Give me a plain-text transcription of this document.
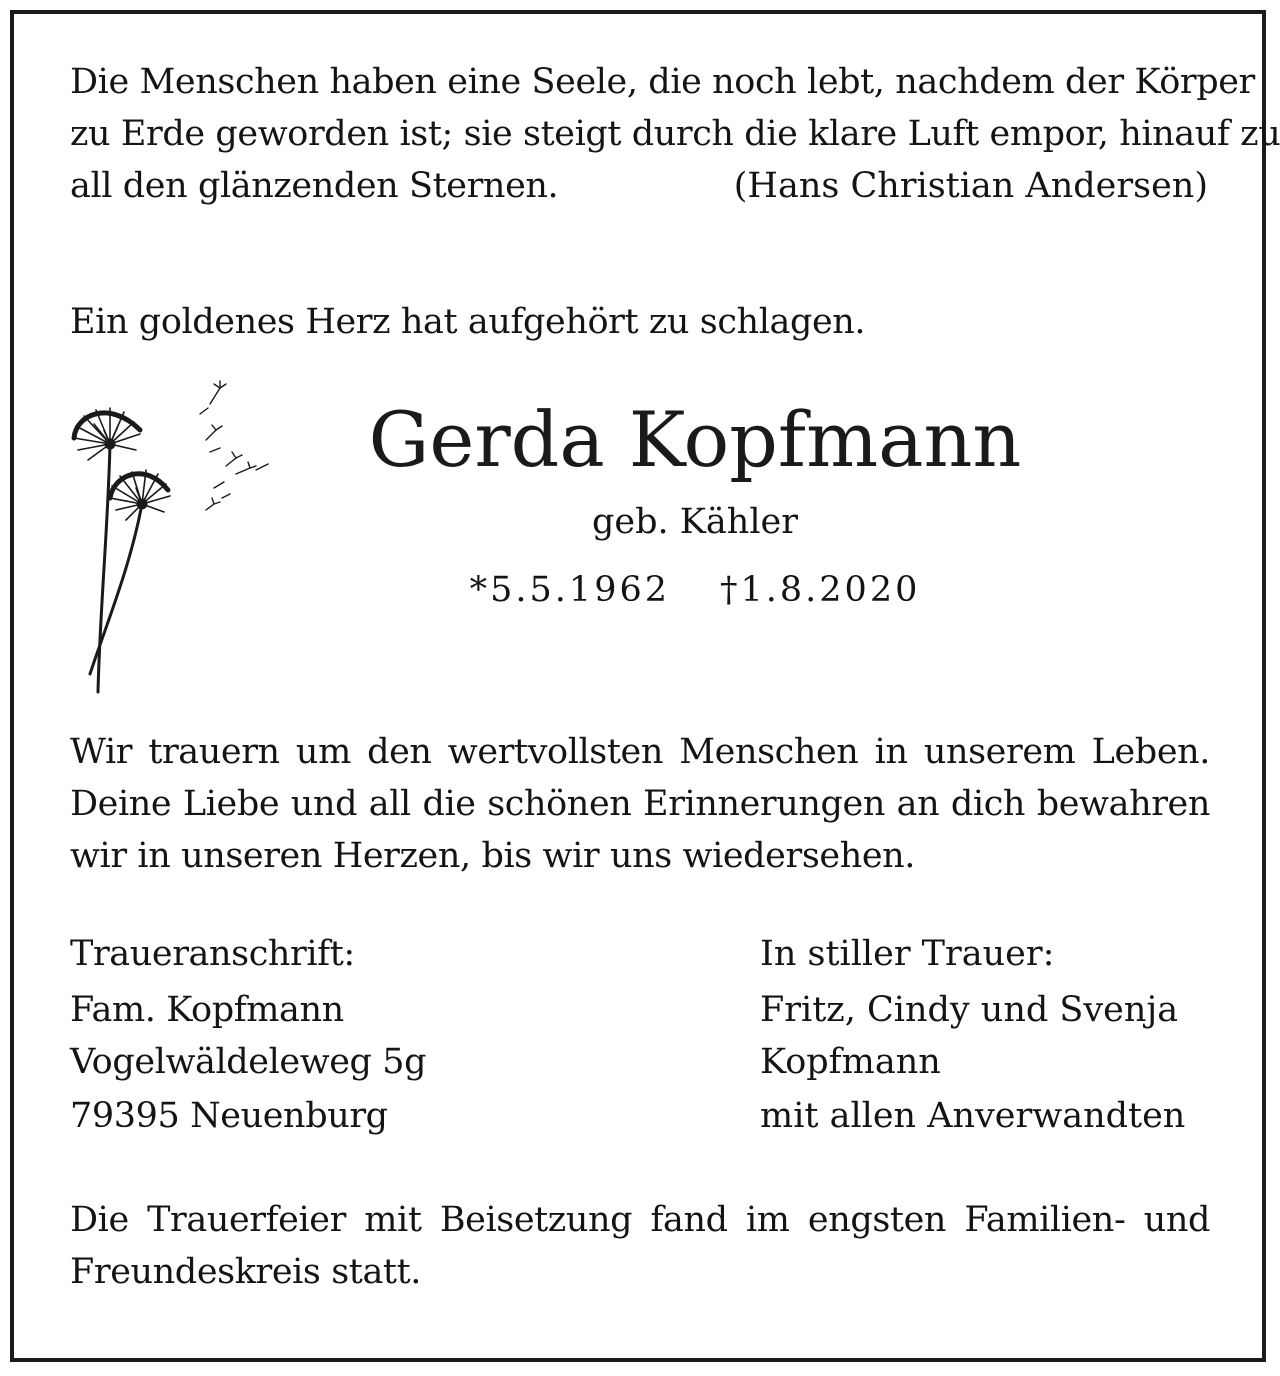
Die Menschen haben eine Seele, die noch lebt, nachdem der Körper
zu Erde geworden ist; sie steigt durch die klare Luft empor, hinauf zu
all den glänzenden Sternen.	(Hans Christian Andersen)
Ein goldenes Herz hat aufgehört zu schlagen.
Gerda Kopfmann
geb. Kähler
*5.5.1962 †1.8.2020
Wir trauern um den wertvollsten Menschen in unserem Leben.
Deine Liebe und all die schönen Erinnerungen an dich bewahren
wir in unseren Herzen, bis wir uns wiedersehen.
Traueranschrift:
Fam. Kopfmann
Vogelwäldeleweg 5g
79395 Neuenburg
In stiller Trauer:
Fritz, Cindy und Svenja
Kopfmann
mit allen Anverwandten
Die Trauerfeier mit Beisetzung fand im engsten Familien- und
Freundeskreis statt.
